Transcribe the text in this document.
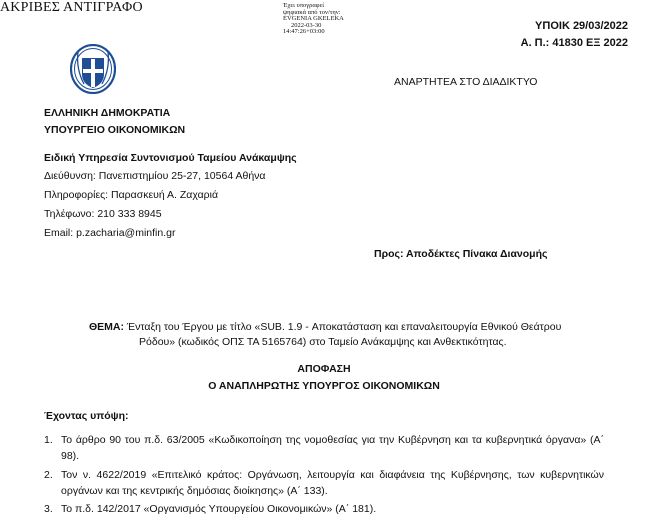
ΑΚΡΙΒΕΣ ΑΝΤΙΓΡΑΦΟ	Έχει υπογραφεί
ψηφιακά από τον/την:
EVGENIA GKELEKA
2022-03-30
14:47:26+03:00	ΥΠΟΙΚ 29/03/2022
Α. Π.: 41830 ΕΞ 2022
ΑΝΑΡΤΗΤΕΑ ΣΤΟ ΔΙΑΔΙΚΤΥΟ
ΕΛΛΗΝΙΚΗ ΔΗΜΟΚΡΑΤΙΑ
ΥΠΟΥΡΓΕΙΟ ΟΙΚΟΝΟΜΙΚΩΝ
Ειδική Υπηρεσία Συντονισμού Ταμείου Ανάκαμψης
Διεύθυνση: Πανεπιστημίου 25-27, 10564 Αθήνα
Πληροφορίες: Παρασκευή Α. Ζαχαριά
Τηλέφωνο: 210 333 8945
Email: p.zacharia@minfin.gr
Προς: Αποδέκτες Πίνακα Διανομής
ΘΕΜΑ: Ένταξη του Έργου με τίτλο «SUB. 1.9 - Αποκατάσταση και επαναλειτουργία Εθνικού Θεάτρου
Ρόδου» (κωδικός ΟΠΣ ΤΑ 5165764) στο Ταμείο Ανάκαμψης και Ανθεκτικότητας.
ΑΠΟΦΑΣΗ
Ο ΑΝΑΠΛΗΡΩΤΗΣ ΥΠΟΥΡΓΟΣ ΟΙΚΟΝΟΜΙΚΩΝ
Έχοντας υπόψη:
1. Το άρθρο 90 του π.δ. 63/2005 «Κωδικοποίηση της νομοθεσίας για την Κυβέρνηση και τα κυβερνητικά όργανα» (Α΄ 98).
2. Τον ν. 4622/2019 «Επιτελικό κράτος: Οργάνωση, λειτουργία και διαφάνεια της Κυβέρνησης, των κυβερνητικών οργάνων και της κεντρικής δημόσιας διοίκησης» (Α΄ 133).
3. Το π.δ. 142/2017 «Οργανισμός Υπουργείου Οικονομικών» (Α΄ 181).
